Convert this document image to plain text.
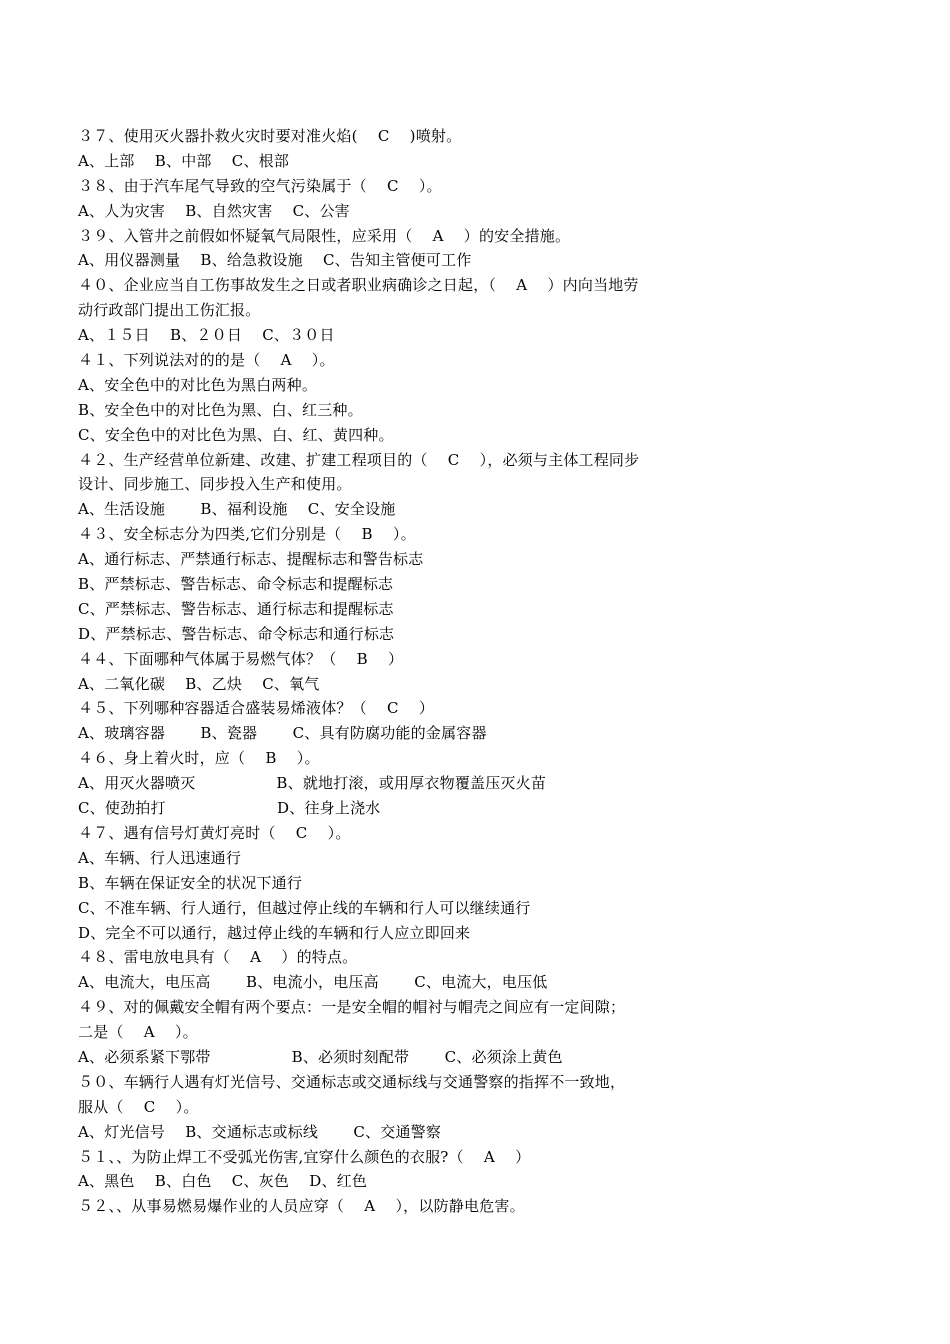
３７、使用灭火器扑救火灾时要对准火焰(　 C　 )喷射。
A、上部　 B、中部　 C、根部
３８、由于汽车尾气导致的空气污染属于（　 C　 ）。
A、人为灾害　 B、自然灾害　 C、公害
３９、入管井之前假如怀疑氧气局限性，应采用（　 A　 ）的安全措施。
A、用仪器测量　 B、给急救设施　 C、告知主管便可工作
４０、企业应当自工伤事故发生之日或者职业病确诊之日起，（　 A　 ）内向当地劳
动行政部门提出工伤汇报。
A、１５日　 B、２０日　 C、３０日
４１、下列说法对的的是（　 A　 ）。
A、安全色中的对比色为黑白两种。
B、安全色中的对比色为黑、白、红三种。
C、安全色中的对比色为黑、白、红、黄四种。
４２、生产经营单位新建、改建、扩建工程项目的（　 C　 ），必须与主体工程同步
设计、同步施工、同步投入生产和使用。
A、生活设施　　 B、福利设施　 C、安全设施
４３、安全标志分为四类,它们分别是（　 B　 ）。
A、通行标志、严禁通行标志、提醒标志和警告标志
B、严禁标志、警告标志、命令标志和提醒标志
C、严禁标志、警告标志、通行标志和提醒标志
D、严禁标志、警告标志、命令标志和通行标志
４４、下面哪种气体属于易燃气体？（　 B　 ）
A、二氧化碳　 B、乙炔　 C、氧气
４５、下列哪种容器适合盛装易烯液体？（　 C　 ）
A、玻璃容器　　 B、瓷器　　 C、具有防腐功能的金属容器
４６、身上着火时，应（　 B　 ）。
A、用灭火器喷灭　　　　　 B、就地打滚，或用厚衣物覆盖压灭火苗
C、使劲拍打　　　　　　　 D、往身上浇水
４７、遇有信号灯黄灯亮时（　 C　 ）。
A、车辆、行人迅速通行
B、车辆在保证安全的状况下通行
C、不准车辆、行人通行，但越过停止线的车辆和行人可以继续通行
D、完全不可以通行，越过停止线的车辆和行人应立即回来
４８、雷电放电具有（　 A　 ）的特点。
A、电流大，电压高　　 B、电流小，电压高　　 C、电流大，电压低
４９、对的佩戴安全帽有两个要点：一是安全帽的帽衬与帽壳之间应有一定间隙；
二是（　 A　 ）。
A、必须系紧下鄂带　　　　　 B、必须时刻配带　　 C、必须涂上黄色
５０、车辆行人遇有灯光信号、交通标志或交通标线与交通警察的指挥不一致地，
服从（　 C　 ）。
A、灯光信号　 B、交通标志或标线　　 C、交通警察
５１、、为防止焊工不受弧光伤害,宜穿什么颜色的衣服?（　 A　 ）
A、黑色　 B、白色　 C、灰色　 D、红色
５２、、从事易燃易爆作业的人员应穿（　 A　 ），以防静电危害。
